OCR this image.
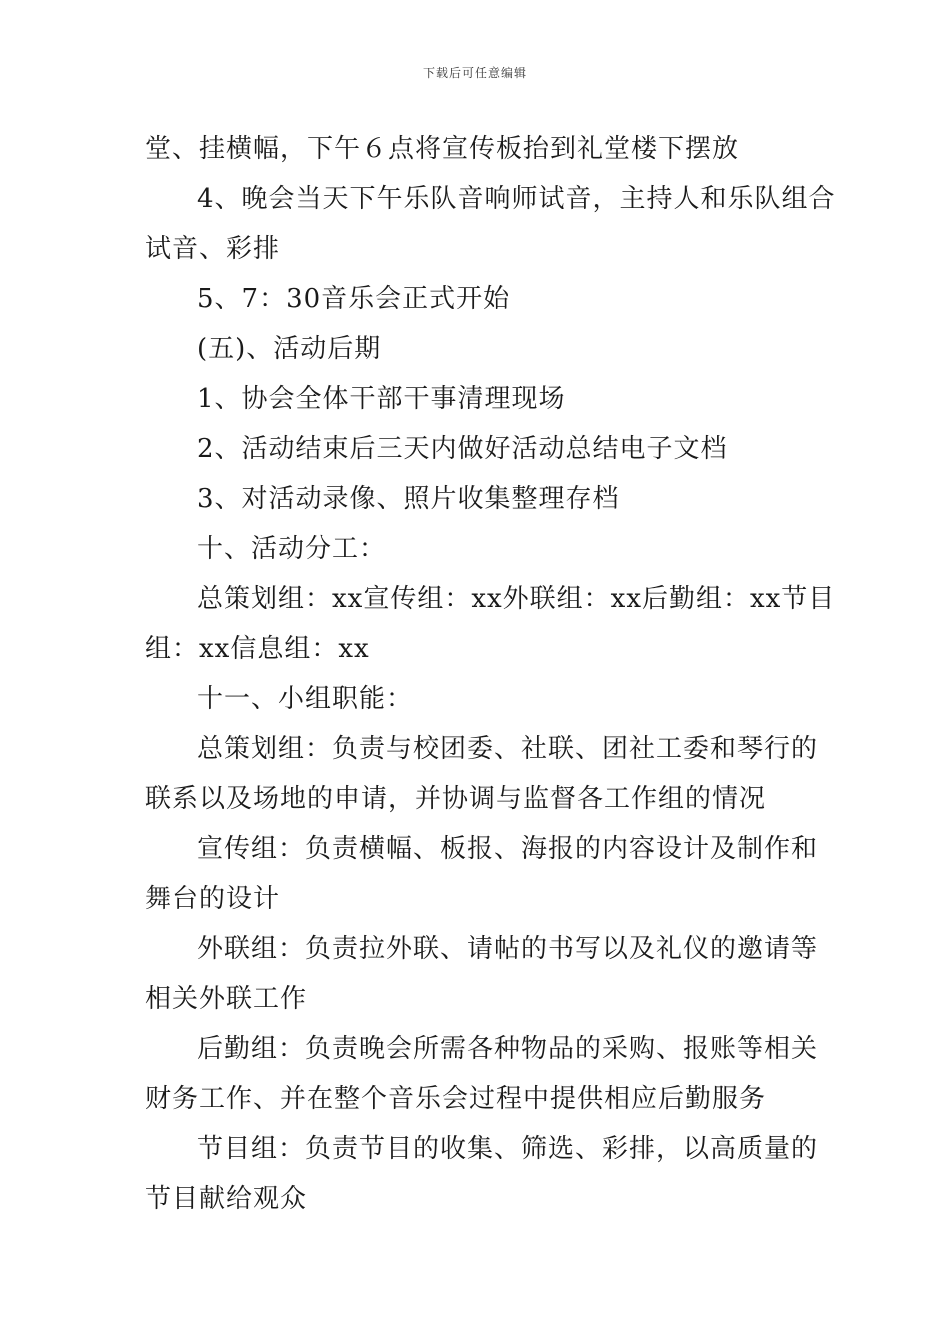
下载后可任意编辑
堂、挂横幅，下午６点将宣传板抬到礼堂楼下摆放
4、晚会当天下午乐队音响师试音，主持人和乐队组合
试音、彩排
5、7：30音乐会正式开始
(五)、活动后期
1、协会全体干部干事清理现场
2、活动结束后三天内做好活动总结电子文档
3、对活动录像、照片收集整理存档
十、活动分工：
总策划组：xx宣传组：xx外联组：xx后勤组：xx节目
组：xx信息组：xx
十一、小组职能：
总策划组：负责与校团委、社联、团社工委和琴行的
联系以及场地的申请，并协调与监督各工作组的情况
宣传组：负责横幅、板报、海报的内容设计及制作和
舞台的设计
外联组：负责拉外联、请帖的书写以及礼仪的邀请等
相关外联工作
后勤组：负责晚会所需各种物品的采购、报账等相关
财务工作、并在整个音乐会过程中提供相应后勤服务
节目组：负责节目的收集、筛选、彩排，以高质量的
节目献给观众
